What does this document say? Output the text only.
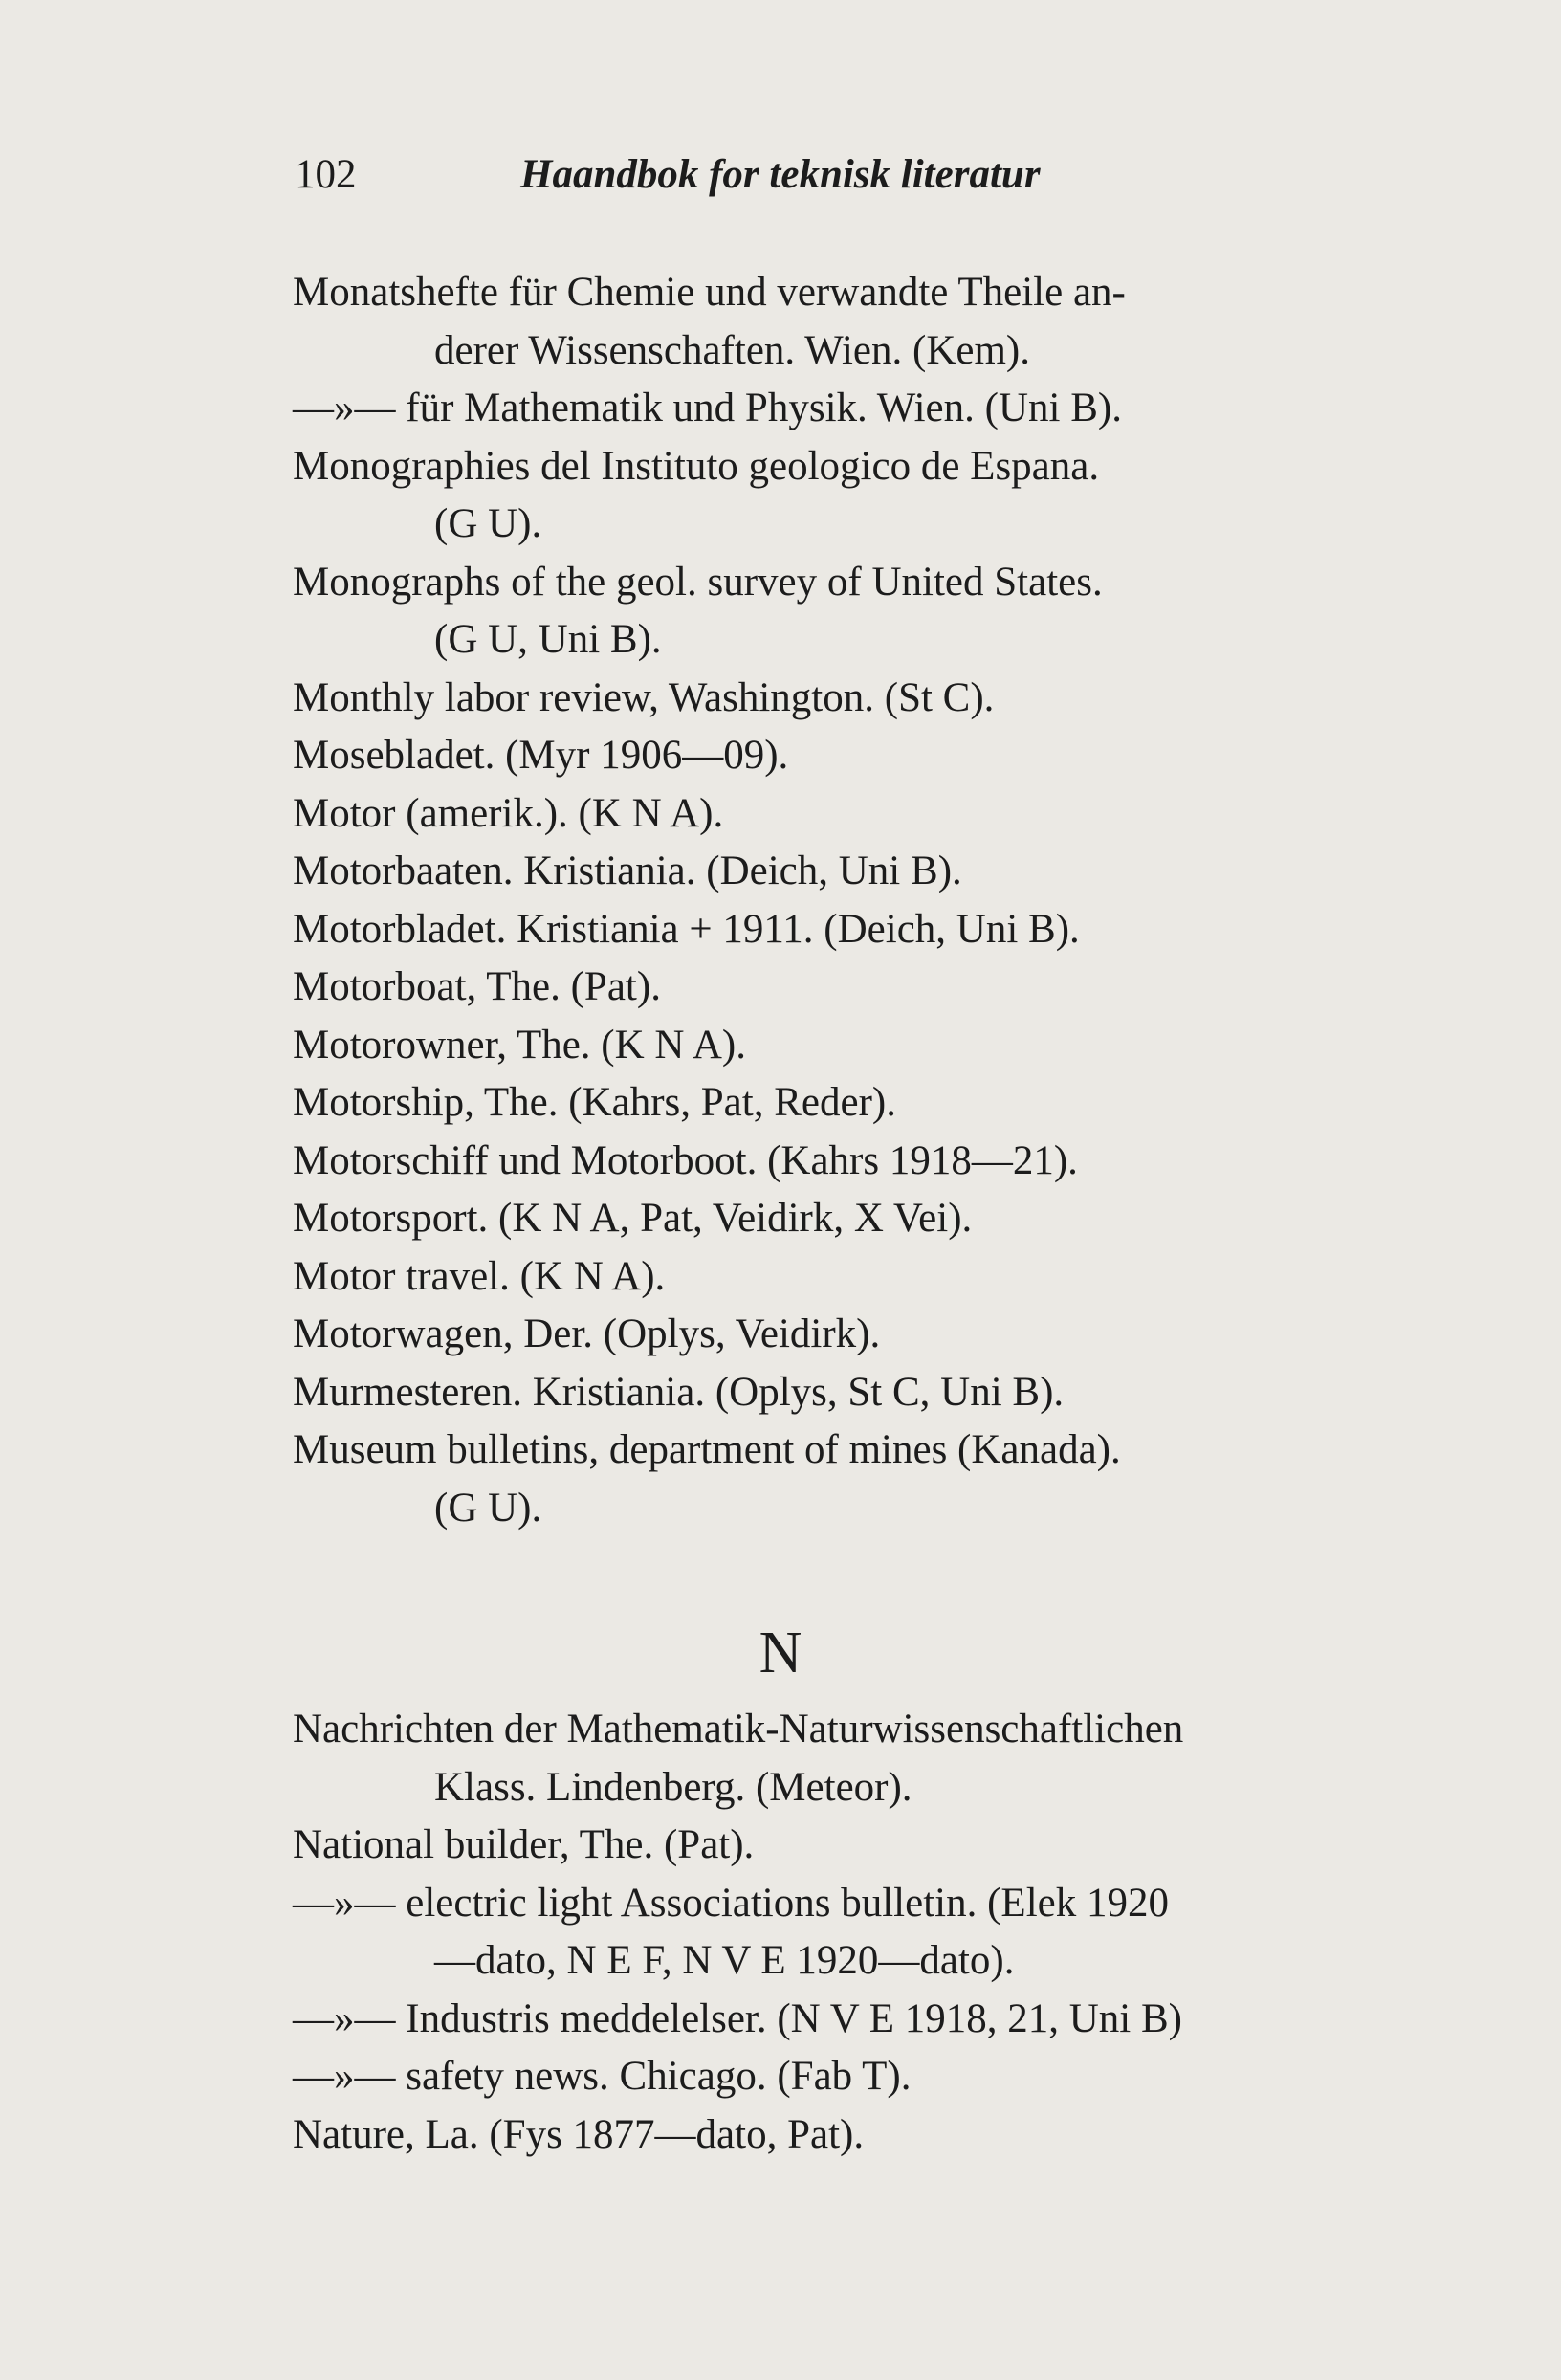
102	Haandbok for teknisk literatur
Monatshefte für Chemie und verwandte Theile an-
derer Wissenschaften. Wien. (Kem).
—»— für Mathematik und Physik. Wien. (Uni B).
Monographies del Instituto geologico de Espana.
(G U).
Monographs of the geol. survey of United States.
(G U, Uni B).
Monthly labor review, Washington. (St C).
Mosebladet. (Myr 1906—09).
Motor (amerik.). (K N A).
Motorbaaten. Kristiania. (Deich, Uni B).
Motorbladet. Kristiania + 1911. (Deich, Uni B).
Motorboat, The. (Pat).
Motorowner, The. (K N A).
Motorship, The. (Kahrs, Pat, Reder).
Motorschiff und Motorboot. (Kahrs 1918—21).
Motorsport. (K N A, Pat, Veidirk, X Vei).
Motor travel. (K N A).
Motorwagen, Der. (Oplys, Veidirk).
Murmesteren. Kristiania. (Oplys, St C, Uni B).
Museum bulletins, department of mines (Kanada).
(G U).
N
Nachrichten der Mathematik-Naturwissenschaftlichen
Klass. Lindenberg. (Meteor).
National builder, The. (Pat).
—»— electric light Associations bulletin. (Elek 1920
—dato, N E F, N V E 1920—dato).
—»— Industris meddelelser. (N V E 1918, 21, Uni B)
—»— safety news. Chicago. (Fab T).
Nature, La. (Fys 1877—dato, Pat).
